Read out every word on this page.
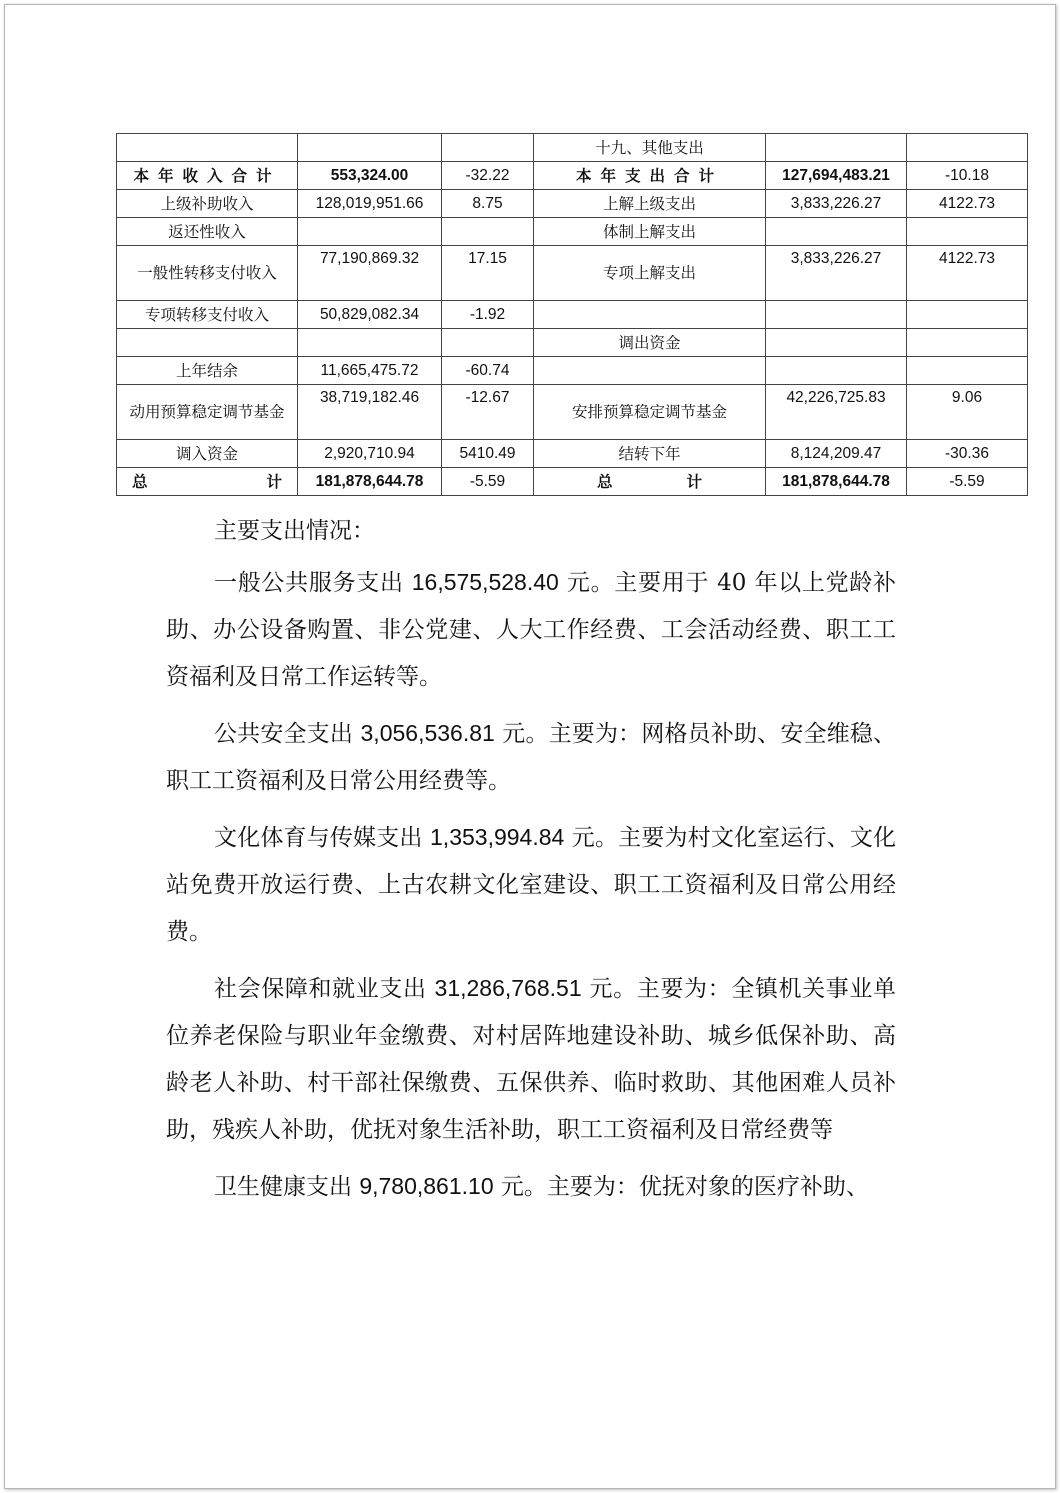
			十九、其他支出		
本年收入合计	553,324.00	-32.22	本年支出合计	127,694,483.21	-10.18
上级补助收入	128,019,951.66	8.75	上解上级支出	3,833,226.27	4122.73
返还性收入			体制上解支出		
一般性转移支付收入	77,190,869.32	17.15	专项上解支出	3,833,226.27	4122.73
专项转移支付收入	50,829,082.34	-1.92			
			调出资金		
上年结余	11,665,475.72	-60.74			
动用预算稳定调节基金	38,719,182.46	-12.67	安排预算稳定调节基金	42,226,725.83	9.06
调入资金	2,920,710.94	5410.49	结转下年	8,124,209.47	-30.36

总 计	181,878,644.78	-5.59	总 计	181,878,644.78	-5.59

主要支出情况：

一般公共服务支出 16,575,528.40 元。主要用于 40 年以上党龄补助、办公设备购置、非公党建、人大工作经费、工会活动经费、职工工资福利及日常工作运转等。

公共安全支出 3,056,536.81 元。主要为：网格员补助、安全维稳、职工工资福利及日常公用经费等。

文化体育与传媒支出 1,353,994.84 元。主要为村文化室运行、文化站免费开放运行费、上古农耕文化室建设、职工工资福利及日常公用经费。

社会保障和就业支出 31,286,768.51 元。主要为：全镇机关事业单位养老保险与职业年金缴费、对村居阵地建设补助、城乡低保补助、高龄老人补助、村干部社保缴费、五保供养、临时救助、其他困难人员补助，残疾人补助，优抚对象生活补助，职工工资福利及日常经费等

卫生健康支出 9,780,861.10 元。主要为：优抚对象的医疗补助、
